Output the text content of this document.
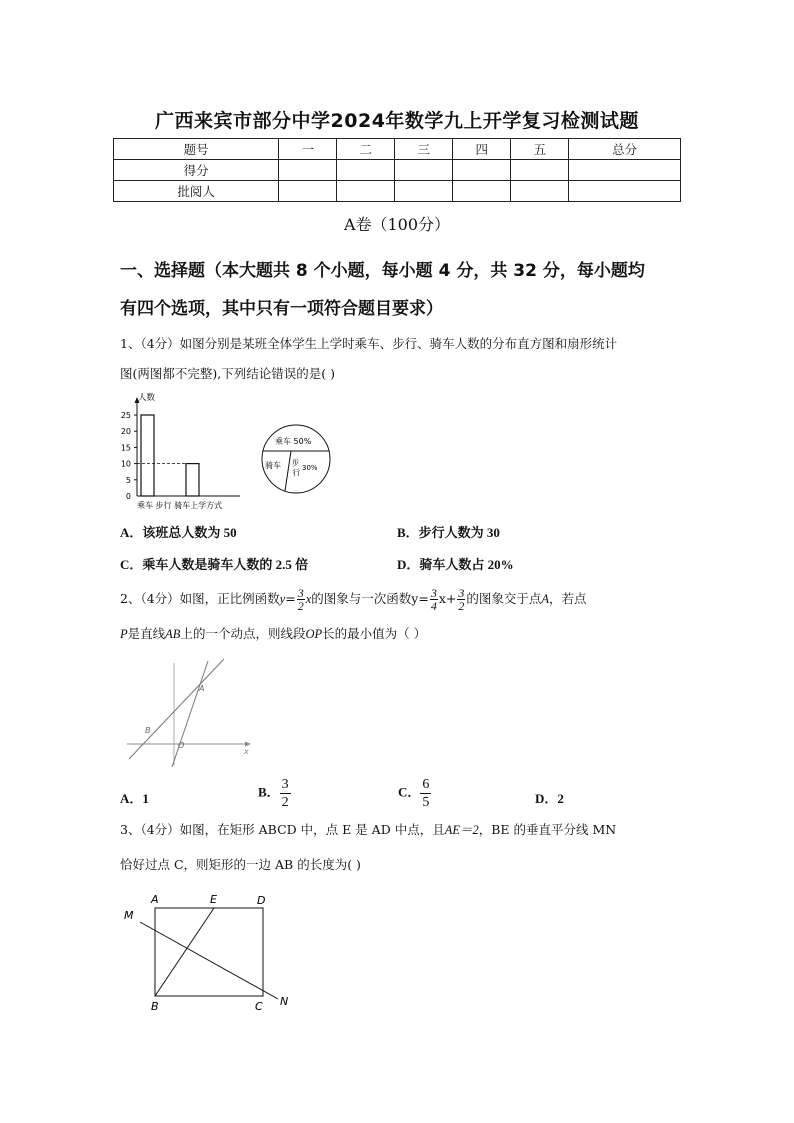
广西来宾市部分中学2024年数学九上开学复习检测试题
题号	一	二	三	四	五	总分
得分						
批阅人						
A卷（100分）
一、选择题（本大题共 8 个小题，每小题 4 分，共 32 分，每小题均
有四个选项，其中只有一项符合题目要求）
1、（4分）如图分别是某班全体学生上学时乘车、步行、骑车人数的分布直方图和扇形统计
图(两图都不完整),下列结论错误的是( )
人数
25
20
15
10
5
0
乘车 步行 骑车上学方式
乘车 50%
骑车 步
行 30%
A．该班总人数为 50	B．步行人数为 30
C．乘车人数是骑车人数的 2.5 倍	D．骑车人数占 20%
2、（4分）如图，正比例函数$y= \frac{3}{2}$ x的图象与一次函数$y= \frac{3}{4} x+ \frac{3}{2}$ 的图象交于点A，若点
P是直线AB上的一个动点，则线段OP长的最小值为（ ）
x
A
B
O
A．1	B． $\frac{3}{2}$	C． $\frac{6}{5}$	D．2
3、（4分）如图，在矩形 ABCD 中，点 E 是 AD 中点，且AE＝2，BE 的垂直平分线 MN
恰好过点 C，则矩形的一边 AB 的长度为( )
A	E	D
M
B	C N
